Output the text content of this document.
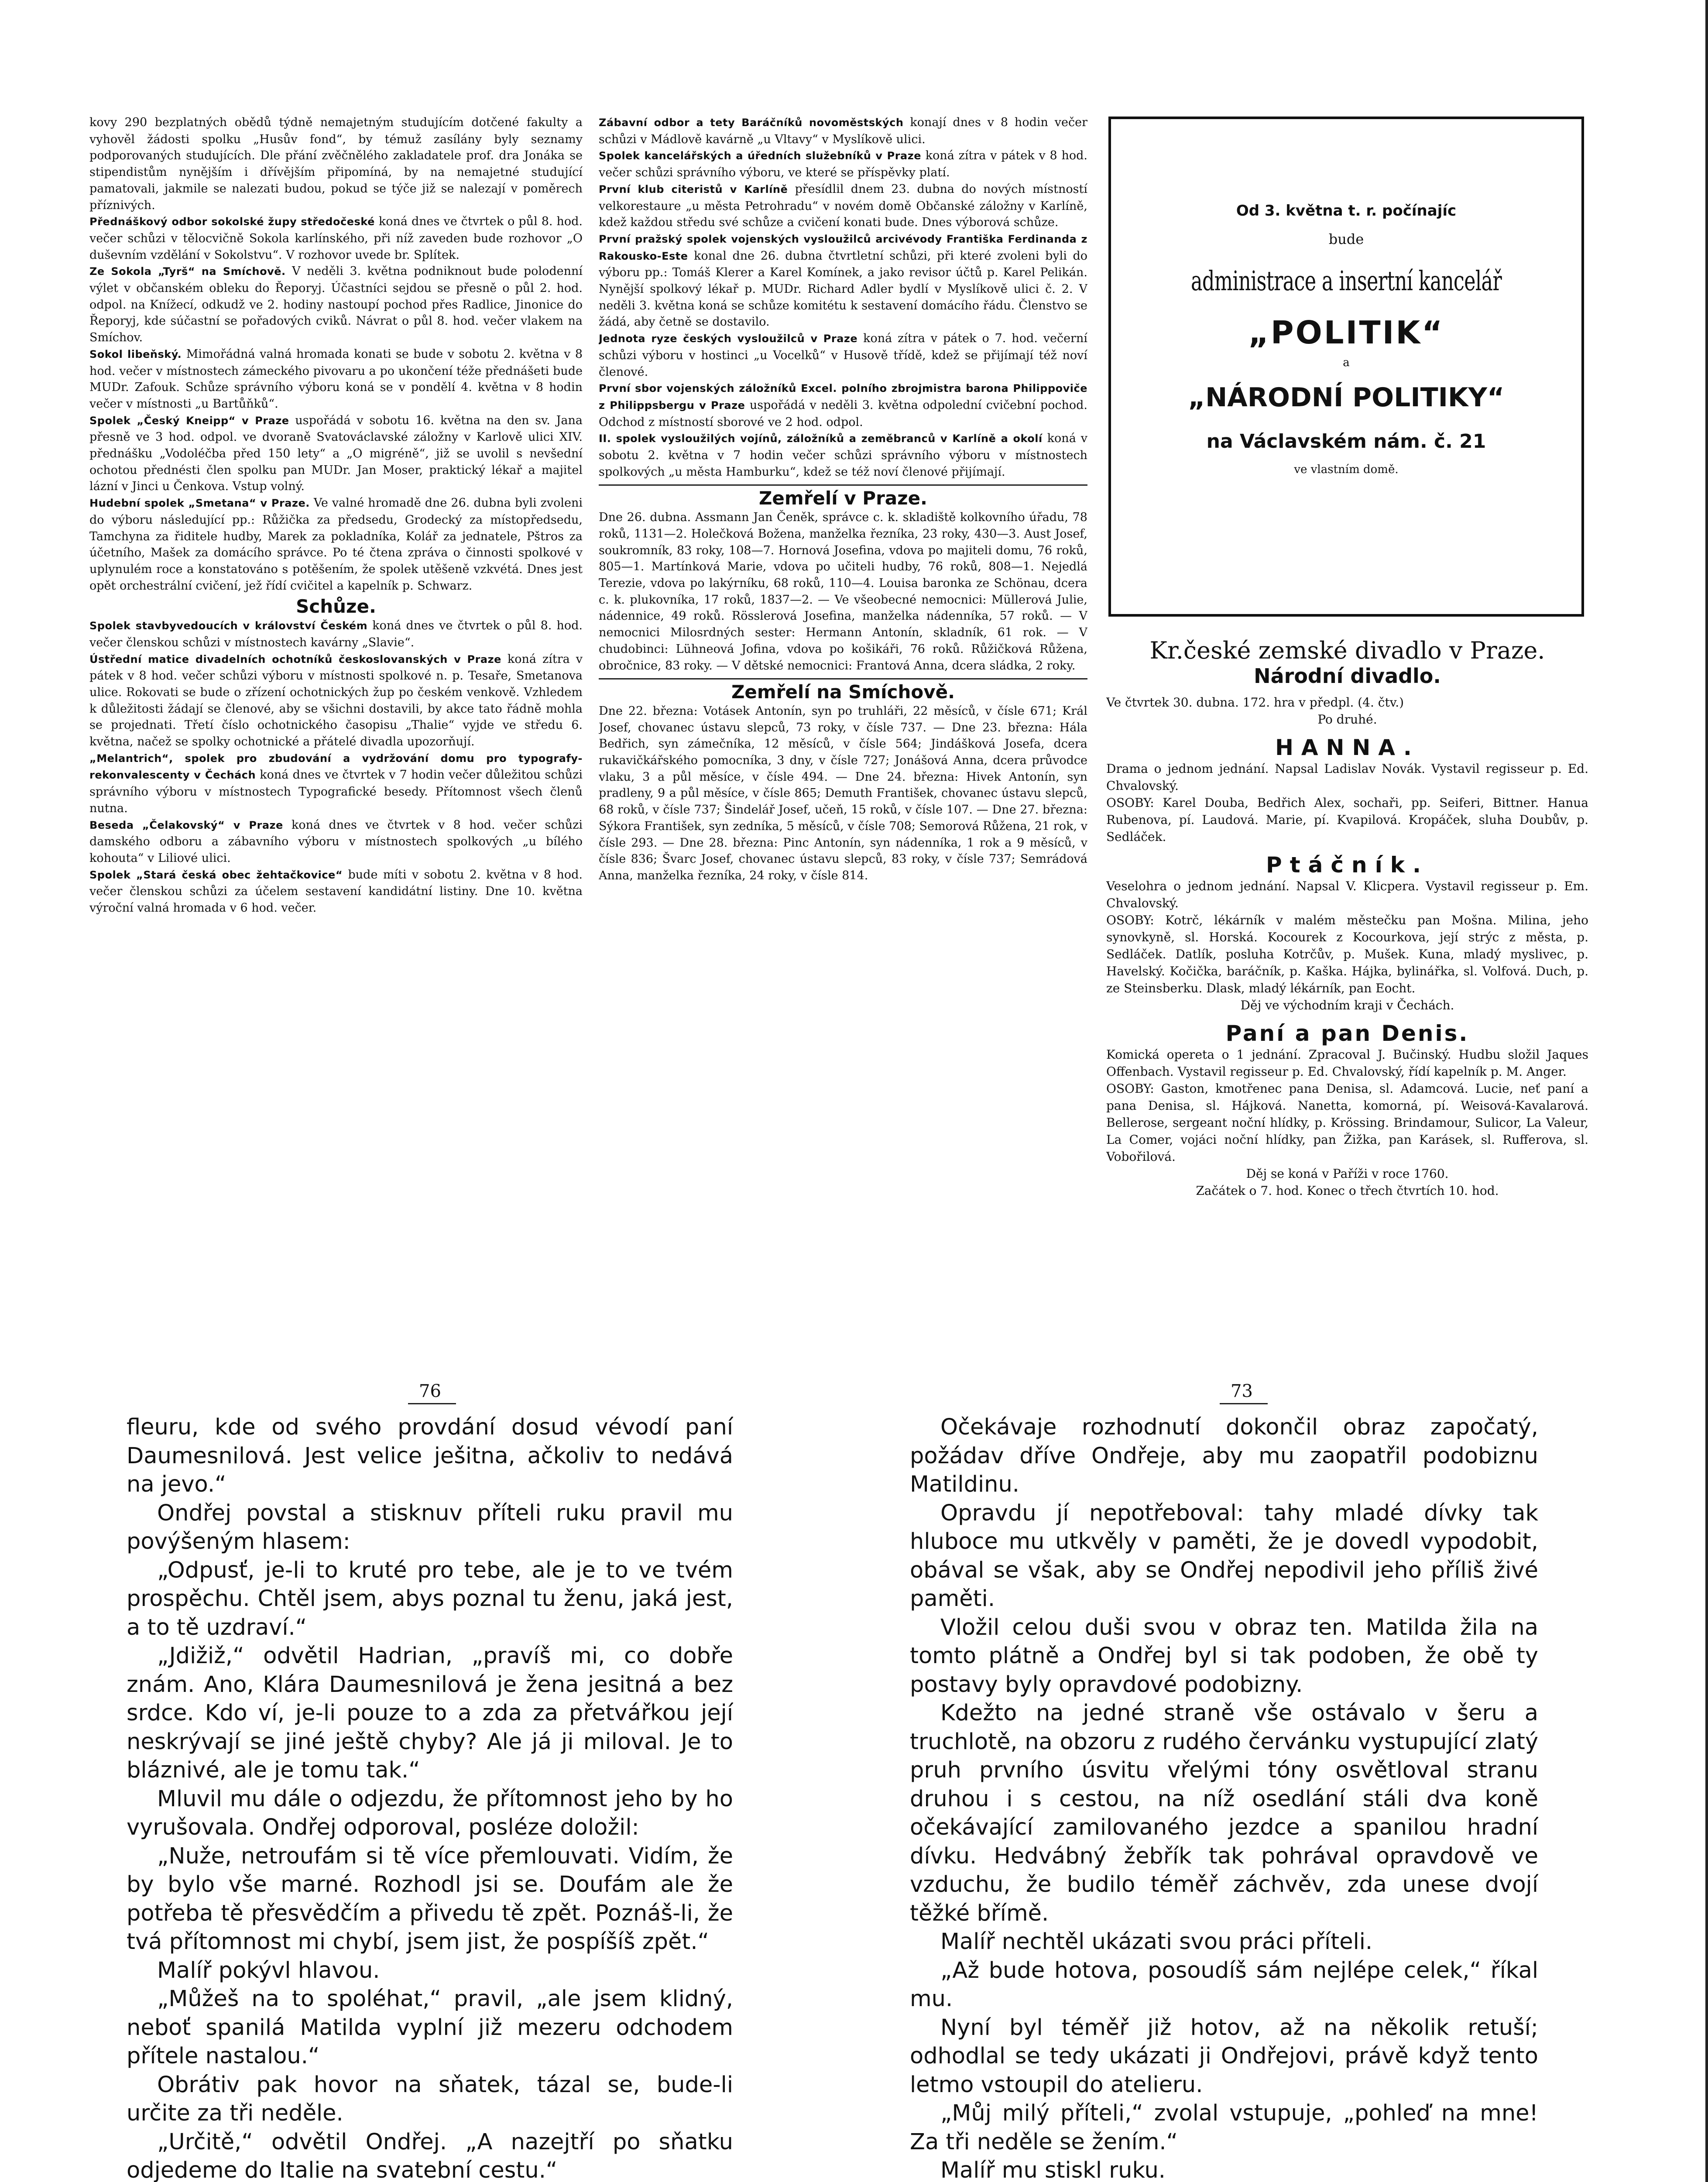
kovy 290 bezplatných obědů týdně nemajetným studujícím dotčené fakulty a vyhověl žádosti spolku „Husův fond“, by témuž zasílány byly seznamy podporovaných studujících. Dle přání zvěčnělého zakladatele prof. dra Jonáka se stipendistům nynějším i dřívějším připomíná, by na nemajetné studující pamatovali, jakmile se nalezati budou, pokud se týče již se nalezají v poměrech příznivých.

Přednáškový odbor sokolské župy středočeské koná dnes ve čtvrtek o půl 8. hod. večer schůzi v tělocvičně Sokola karlínského, při níž zaveden bude rozhovor „O duševním vzdělání v Sokolstvu“. V rozhovor uvede br. Splítek.

Ze Sokola „Tyrš“ na Smíchově. V neděli 3. května podniknout bude polodenní výlet v občanském obleku do Řeporyj. Účastníci sejdou se přesně o půl 2. hod. odpol. na Knížecí, odkudž ve 2. hodiny nastoupí pochod přes Radlice, Jinonice do Řeporyj, kde súčastní se pořadových cviků. Návrat o půl 8. hod. večer vlakem na Smíchov.

Sokol libeňský. Mimořádná valná hromada konati se bude v sobotu 2. května v 8 hod. večer v místnostech zámeckého pivovaru a po ukončení téže přednášeti bude MUDr. Zafouk. Schůze správního výboru koná se v pondělí 4. května v 8 hodin večer v místnosti „u Bartůňků“.

Spolek „Český Kneipp“ v Praze uspořádá v sobotu 16. května na den sv. Jana přesně ve 3 hod. odpol. ve dvoraně Svatováclavské záložny v Karlově ulici XIV. přednášku „Vodoléčba před 150 lety“ a „O migréně“, již se uvolil s nevšední ochotou přednésti člen spolku pan MUDr. Jan Moser, praktický lékař a majitel lázní v Jinci u Čenkova. Vstup volný.

Hudební spolek „Smetana“ v Praze. Ve valné hromadě dne 26. dubna byli zvoleni do výboru následující pp.: Růžička za předsedu, Grodecký za místopředsedu, Tamchyna za řiditele hudby, Marek za pokladníka, Kolář za jednatele, Pštros za účetního, Mašek za domácího správce. Po té čtena zpráva o činnosti spolkové v uplynulém roce a konstatováno s potěšením, že spolek utěšeně vzkvétá. Dnes jest opět orchestrální cvičení, jež řídí cvičitel a kapelník p. Schwarz.

Schůze.

Spolek stavbyvedoucích v království Českém koná dnes ve čtvrtek o půl 8. hod. večer členskou schůzi v místnostech kavárny „Slavie“.

Ústřední matice divadelních ochotníků českoslovanských v Praze koná zítra v pátek v 8 hod. večer schůzi výboru v místnosti spolkové n. p. Tesaře, Smetanova ulice. Rokovati se bude o zřízení ochotnických žup po českém venkově. Vzhledem k důležitosti žádají se členové, aby se všichni dostavili, by akce tato řádně mohla se projednati. Třetí číslo ochotnického časopisu „Thalie“ vyjde ve středu 6. května, načež se spolky ochotnické a přátelé divadla upozorňují.

„Melantrich“, spolek pro zbudování a vydržování domu pro typografy-rekonvalescenty v Čechách koná dnes ve čtvrtek v 7 hodin večer důležitou schůzi správního výboru v místnostech Typografické besedy. Přítomnost všech členů nutna.

Beseda „Čelakovský“ v Praze koná dnes ve čtvrtek v 8 hod. večer schůzi damského odboru a zábavního výboru v místnostech spolkových „u bílého kohouta“ v Liliové ulici.

Spolek „Stará česká obec žehtačkovice“ bude míti v sobotu 2. května v 8 hod. večer členskou schůzi za účelem sestavení kandidátní listiny. Dne 10. května výroční valná hromada v 6 hod. večer.

Zábavní odbor a tety Baráčníků novoměstských konají dnes v 8 hodin večer schůzi v Mádlově kavárně „u Vltavy“ v Myslíkově ulici.

Spolek kancelářských a úředních služebníků v Praze koná zítra v pátek v 8 hod. večer schůzi správního výboru, ve které se příspěvky platí.

První klub citeristů v Karlíně přesídlil dnem 23. dubna do nových místností velkorestaure „u města Petrohradu“ v novém domě Občanské záložny v Karlíně, kdež každou středu své schůze a cvičení konati bude. Dnes výborová schůze.

První pražský spolek vojenských vysloužilců arcivévody Františka Ferdinanda z Rakousko-Este konal dne 26. dubna čtvrtletní schůzi, při které zvoleni byli do výboru pp.: Tomáš Klerer a Karel Komínek, a jako revisor účtů p. Karel Pelikán. Nynější spolkový lékař p. MUDr. Richard Adler bydlí v Myslíkově ulici č. 2. V neděli 3. května koná se schůze komitétu k sestavení domácího řádu. Členstvo se žádá, aby četně se dostavilo.

Jednota ryze českých vysloužilců v Praze koná zítra v pátek o 7. hod. večerní schůzi výboru v hostinci „u Vocelků“ v Husově třídě, kdež se přijímají též noví členové.

První sbor vojenských záložníků Excel. polního zbrojmistra barona Philippoviče z Philippsbergu v Praze uspořádá v neděli 3. května odpolední cvičební pochod. Odchod z místností sborové ve 2 hod. odpol.

II. spolek vysloužilých vojínů, záložníků a zeměbranců v Karlíně a okolí koná v sobotu 2. května v 7 hodin večer schůzi správního výboru v místnostech spolkových „u města Hamburku“, kdež se též noví členové přijímají.

Zemřelí v Praze.

Dne 26. dubna. Assmann Jan Čeněk, správce c. k. skladiště kolkovního úřadu, 78 roků, 1131—2. Holečková Božena, manželka řezníka, 23 roky, 430—3. Aust Josef, soukromník, 83 roky, 108—7. Hornová Josefina, vdova po majiteli domu, 76 roků, 805—1. Martínková Marie, vdova po učiteli hudby, 76 roků, 808—1. Nejedlá Terezie, vdova po lakýrníku, 68 roků, 110—4. Louisa baronka ze Schönau, dcera c. k. plukovníka, 17 roků, 1837—2. — Ve všeobecné nemocnici: Müllerová Julie, nádennice, 49 roků. Rösslerová Josefina, manželka nádenníka, 57 roků. — V nemocnici Milosrdných sester: Hermann Antonín, skladník, 61 rok. — V chudobinci: Lühneová Jofina, vdova po košikáři, 76 roků. Růžičková Růžena, obročnice, 83 roky. — V dětské nemocnici: Frantová Anna, dcera sládka, 2 roky.

Zemřelí na Smíchově.

Dne 22. března: Votásek Antonín, syn po truhláři, 22 měsíců, v čísle 671; Král Josef, chovanec ústavu slepců, 73 roky, v čísle 737. — Dne 23. března: Hála Bedřich, syn zámečníka, 12 měsíců, v čísle 564; Jindášková Josefa, dcera rukavičkářského pomocníka, 3 dny, v čísle 727; Jonášová Anna, dcera průvodce vlaku, 3 a půl měsíce, v čísle 494. — Dne 24. března: Hivek Antonín, syn pradleny, 9 a půl měsíce, v čísle 865; Demuth František, chovanec ústavu slepců, 68 roků, v čísle 737; Šindelář Josef, učeň, 15 roků, v čísle 107. — Dne 27. března: Sýkora František, syn zedníka, 5 měsíců, v čísle 708; Semorová Růžena, 21 rok, v čísle 293. — Dne 28. března: Pinc Antonín, syn nádenníka, 1 rok a 9 měsíců, v čísle 836; Švarc Josef, chovanec ústavu slepců, 83 roky, v čísle 737; Semrádová Anna, manželka řezníka, 24 roky, v čísle 814.

Od 3. května t. r. počínajíc
bude
administrace a insertní kancelář
„POLITIK“
a
„NÁRODNÍ POLITIKY“
na Václavském nám. č. 21
ve vlastním domě.
Kr.české zemské divadlo v Praze.
Národní divadlo.

Ve čtvrtek 30. dubna. 172. hra v předpl. (4. čtv.)

Po druhé.

HANNA.

Drama o jednom jednání. Napsal Ladislav Novák. Vystavil regisseur p. Ed. Chvalovský.

OSOBY: Karel Douba, Bedřich Alex, sochaři, pp. Seiferi, Bittner. Hanua Rubenova, pí. Laudová. Marie, pí. Kvapilová. Kropáček, sluha Doubův, p. Sedláček.

Ptáčník.

Veselohra o jednom jednání. Napsal V. Klicpera. Vystavil regisseur p. Em. Chvalovský.

OSOBY: Kotrč, lékárník v malém městečku pan Mošna. Milina, jeho synovkyně, sl. Horská. Kocourek z Kocourkova, její strýc z města, p. Sedláček. Datlík, posluha Kotrčův, p. Mušek. Kuna, mladý myslivec, p. Havelský. Kočička, baráčník, p. Kaška. Hájka, bylinářka, sl. Volfová. Duch, p. ze Steinsberku. Dlask, mladý lékárník, pan Eocht.

Děj ve východním kraji v Čechách.

Paní a pan Denis.

Komická opereta o 1 jednání. Zpracoval J. Bučinský. Hudbu složil Jaques Offenbach. Vystavil regisseur p. Ed. Chvalovský, řídí kapelník p. M. Anger.

OSOBY: Gaston, kmotřenec pana Denisa, sl. Adamcová. Lucie, neť paní a pana Denisa, sl. Hájková. Nanetta, komorná, pí. Weisová-Kavalarová. Bellerose, sergeant noční hlídky, p. Krössing. Brindamour, Sulicor, La Valeur, La Comer, vojáci noční hlídky, pan Žižka, pan Karásek, sl. Rufferova, sl. Vobořilová.

Děj se koná v Paříži v roce 1760.

Začátek o 7. hod. Konec o třech čtvrtích 10. hod.

76	73

fleuru, kde od svého provdání dosud vévodí paní Daumesnilová. Jest velice ješitna, ačkoliv to nedává na jevo.“

Ondřej povstal a stisknuv příteli ruku pravil mu povýšeným hlasem:

„Odpusť, je-li to kruté pro tebe, ale je to ve tvém prospěchu. Chtěl jsem, abys poznal tu ženu, jaká jest, a to tě uzdraví.“

„Jdižiž,“ odvětil Hadrian, „pravíš mi, co dobře znám. Ano, Klára Daumesnilová je žena jesitná a bez srdce. Kdo ví, je-li pouze to a zda za přetvářkou její neskrývají se jiné ještě chyby? Ale já ji miloval. Je to bláznivé, ale je tomu tak.“

Mluvil mu dále o odjezdu, že přítomnost jeho by ho vyrušovala. Ondřej odporoval, posléze doložil:

„Nuže, netroufám si tě více přemlouvati. Vidím, že by bylo vše marné. Rozhodl jsi se. Doufám ale že potřeba tě přesvědčím a přivedu tě zpět. Poznáš-li, že tvá přítomnost mi chybí, jsem jist, že pospíšíš zpět.“

Malíř pokývl hlavou.

„Můžeš na to spoléhat,“ pravil, „ale jsem klidný, neboť spanilá Matilda vyplní již mezeru odchodem přítele nastalou.“

Obrátiv pak hovor na sňatek, tázal se, bude-li určite za tři neděle.

„Určitě,“ odvětil Ondřej. „A nazejtří po sňatku odjedeme do Italie na svatební cestu.“

Očekávaje rozhodnutí dokončil obraz započatý, požádav dříve Ondřeje, aby mu zaopatřil podobiznu Matildinu.

Opravdu jí nepotřeboval: tahy mladé dívky tak hluboce mu utkvěly v paměti, že je dovedl vypodobit, obával se však, aby se Ondřej nepodivil jeho příliš živé paměti.

Vložil celou duši svou v obraz ten. Matilda žila na tomto plátně a Ondřej byl si tak podoben, že obě ty postavy byly opravdové podobizny.

Kdežto na jedné straně vše ostávalo v šeru a truchlotě, na obzoru z rudého červánku vystupující zlatý pruh prvního úsvitu vřelými tóny osvětloval stranu druhou i s cestou, na níž osedlání stáli dva koně očekávající zamilovaného jezdce a spanilou hradní dívku. Hedvábný žebřík tak pohrával opravdově ve vzduchu, že budilo téměř záchvěv, zda unese dvojí těžké břímě.

Malíř nechtěl ukázati svou práci příteli.

„Až bude hotova, posoudíš sám nejlépe celek,“ říkal mu.

Nyní byl téměř již hotov, až na několik retuší; odhodlal se tedy ukázati ji Ondřejovi, právě když tento letmo vstoupil do atelieru.

„Můj milý příteli,“ zvolal vstupuje, „pohleď na mne! Za tři neděle se žením.“

Malíř mu stiskl ruku.
